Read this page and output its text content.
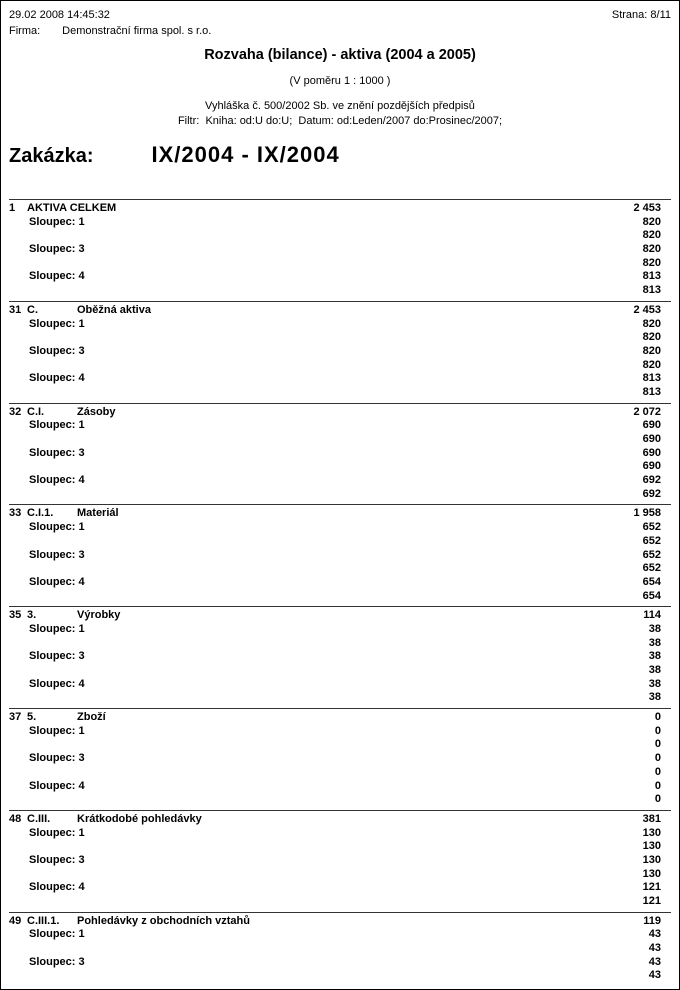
29.02 2008 14:45:32	Strana: 8/11
Firma: Demonstrační firma spol. s r.o.
Rozvaha (bilance) - aktiva (2004 a 2005)
(V poměru 1 : 1000 )
Vyhláška č. 500/2002 Sb. ve znění pozdějších předpisů
Filtr:  Kniha: od:U do:U;  Datum: od:Leden/2007 do:Prosinec/2007;
Zakázka:	IX/2004 - IX/2004
1 AKTIVA CELKEM	2 453
Sloupec: 1	820
820
Sloupec: 3	820
820
Sloupec: 4	813
813
31 C.	Oběžná aktiva	2 453
Sloupec: 1	820
820
Sloupec: 3	820
820
Sloupec: 4	813
813
32 C.I.	Zásoby	2 072
Sloupec: 1	690
690
Sloupec: 3	690
690
Sloupec: 4	692
692
33 C.I.1. Materiál	1 958
Sloupec: 1	652
652
Sloupec: 3	652
652
Sloupec: 4	654
654
35 3.	Výrobky	114
Sloupec: 1	38
38
Sloupec: 3	38
38
Sloupec: 4	38
38
37 5.	Zboží	0
Sloupec: 1	0
0
Sloupec: 3	0
0
Sloupec: 4	0
0
48 C.III. Krátkodobé pohledávky	381
Sloupec: 1	130
130
Sloupec: 3	130
130
Sloupec: 4	121
121
49 C.III.1. Pohledávky z obchodních vztahů	119
Sloupec: 1	43
43
Sloupec: 3	43
43
